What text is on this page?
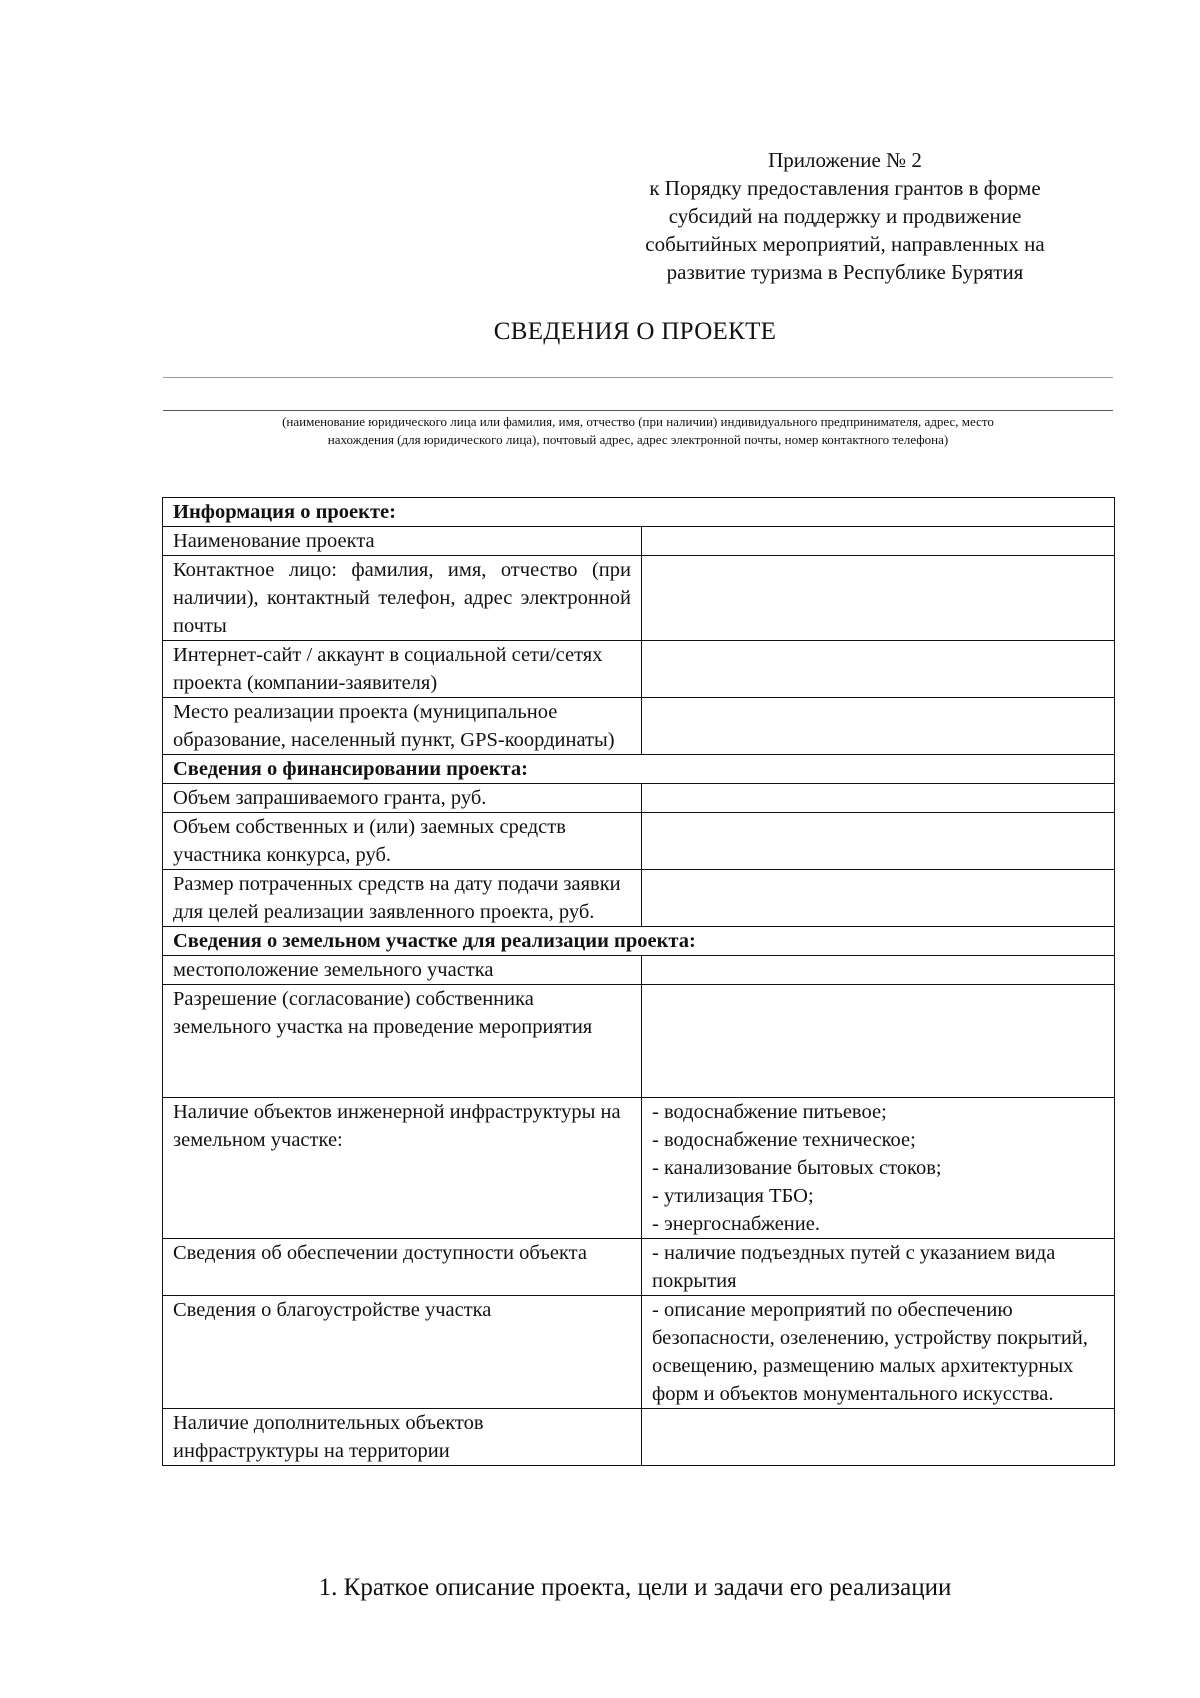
Приложение № 2
к Порядку предоставления грантов в форме
субсидий на поддержку и продвижение
событийных мероприятий, направленных на
развитие туризма в Республике Бурятия
СВЕДЕНИЯ О ПРОЕКТЕ
(наименование юридического лица или фамилия, имя, отчество (при наличии) индивидуального предпринимателя, адрес, место
нахождения (для юридического лица), почтовый адрес, адрес электронной почты, номер контактного телефона)
Информация о проекте:	
Наименование проекта	
Контактное лицо: фамилия, имя, отчество (при наличии), контактный телефон, адрес электронной почты	
Интернет-сайт / аккаунт в социальной сети/сетях проекта (компании-заявителя)	
Место реализации проекта (муниципальное образование, населенный пункт, GPS-координаты)	
Сведения о финансировании проекта:	
Объем запрашиваемого гранта, руб.	
Объем собственных и (или) заемных средств участника конкурса, руб.	
Размер потраченных средств на дату подачи заявки для целей реализации заявленного проекта, руб.	
Сведения о земельном участке для реализации проекта:	
местоположение земельного участка	
Разрешение (согласование) собственника земельного участка на проведение мероприятия	
Наличие объектов инженерной инфраструктуры на земельном участке:	- водоснабжение питьевое;
- водоснабжение техническое;
- канализование бытовых стоков;
- утилизация ТБО;
- энергоснабжение.

Сведения об обеспечении доступности объекта	- наличие подъездных путей с указанием вида покрытия
Сведения о благоустройстве участка	- описание мероприятий по обеспечению безопасности, озеленению, устройству покрытий, освещению, размещению малых архитектурных форм и объектов монументального искусства.
Наличие дополнительных объектов инфраструктуры на территории	
1. Краткое описание проекта, цели и задачи его реализации
